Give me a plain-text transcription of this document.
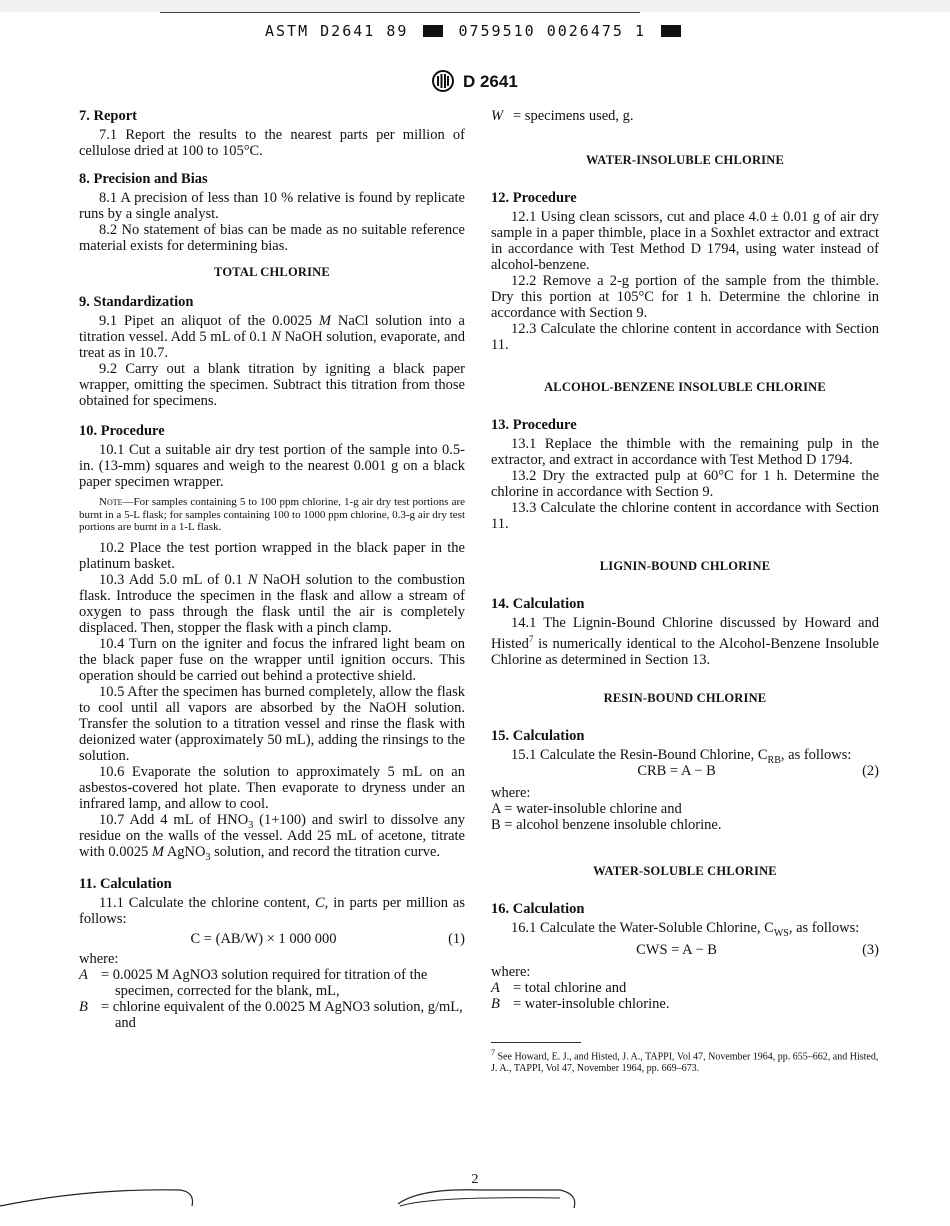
ASTM D2641 89	0759510 0026475 1
D 2641
7. Report

7.1 Report the results to the nearest parts per million of cellulose dried at 100 to 105°C.

8. Precision and Bias

8.1 A precision of less than 10 % relative is found by replicate runs by a single analyst.

8.2 No statement of bias can be made as no suitable reference material exists for determining bias.

TOTAL CHLORINE
9. Standardization

9.1 Pipet an aliquot of the 0.0025 M NaCl solution into a titration vessel. Add 5 mL of 0.1 N NaOH solution, evaporate, and treat as in 10.7.

9.2 Carry out a blank titration by igniting a black paper wrapper, omitting the specimen. Subtract this titration from those obtained for specimens.

10. Procedure

10.1 Cut a suitable air dry test portion of the sample into 0.5-in. (13-mm) squares and weigh to the nearest 0.001 g on a black paper specimen wrapper.

Note—For samples containing 5 to 100 ppm chlorine, 1-g air dry test portions are burnt in a 5-L flask; for samples containing 100 to 1000 ppm chlorine, 0.3-g air dry test portions are burnt in a 1-L flask.

10.2 Place the test portion wrapped in the black paper in the platinum basket.

10.3 Add 5.0 mL of 0.1 N NaOH solution to the combustion flask. Introduce the specimen in the flask and allow a stream of oxygen to pass through the flask until the air is completely displaced. Then, stopper the flask with a pinch clamp.

10.4 Turn on the igniter and focus the infrared light beam on the black paper fuse on the wrapper until ignition occurs. This operation should be carried out behind a protective shield.

10.5 After the specimen has burned completely, allow the flask to cool until all vapors are absorbed by the NaOH solution. Transfer the solution to a titration vessel and rinse the flask with deionized water (approximately 50 mL), adding the rinsings to the solution.

10.6 Evaporate the solution to approximately 5 mL on an asbestos-covered hot plate. Then evaporate to dryness under an infrared lamp, and allow to cool.

10.7 Add 4 mL of $HNO_3$ (1+100) and swirl to dissolve any residue on the walls of the vessel. Add 25 mL of acetone, titrate with 0.0025 M AgNO$_3$ solution, and record the titration curve.

11. Calculation

11.1 Calculate the chlorine content, C, in parts per million as follows:

C = (AB/W) × 1 000 000	(1)
where:
A = 0.0025 M AgNO3 solution required for titration of the specimen, corrected for the blank, mL,
B = chlorine equivalent of the 0.0025 M AgNO3 solution, g/mL, and
W = specimens used, g.
WATER-INSOLUBLE CHLORINE
12. Procedure

12.1 Using clean scissors, cut and place 4.0 ± 0.01 g of air dry sample in a paper thimble, place in a Soxhlet extractor and extract in accordance with Test Method D 1794, using water instead of alcohol-benzene.

12.2 Remove a 2-g portion of the sample from the thimble. Dry this portion at 105°C for 1 h. Determine the chlorine in accordance with Section 9.

12.3 Calculate the chlorine content in accordance with Section 11.

ALCOHOL-BENZENE INSOLUBLE CHLORINE
13. Procedure

13.1 Replace the thimble with the remaining pulp in the extractor, and extract in accordance with Test Method D 1794.

13.2 Dry the extracted pulp at 60°C for 1 h. Determine the chlorine in accordance with Section 9.

13.3 Calculate the chlorine content in accordance with Section 11.

LIGNIN-BOUND CHLORINE
14. Calculation

14.1 The Lignin-Bound Chlorine discussed by Howard and Histed$^7$ is numerically identical to the Alcohol-Benzene Insoluble Chlorine as determined in Section 13.

RESIN-BOUND CHLORINE
15. Calculation

15.1 Calculate the Resin-Bound Chlorine, $C_{RB}$, as follows:

CRB = A − B	(2)
where:
A = water-insoluble chlorine and
B = alcohol benzene insoluble chlorine.
WATER-SOLUBLE CHLORINE
16. Calculation

16.1 Calculate the Water-Soluble Chlorine, $C_{WS}$, as follows:

CWS = A − B	(3)
where:
A = total chlorine and
B = water-insoluble chlorine.

$^7$ See Howard, E. J., and Histed, J. A., TAPPI, Vol 47, November 1964, pp. 655–662, and Histed, J. A., TAPPI, Vol 47, November 1964, pp. 669–673.

2
